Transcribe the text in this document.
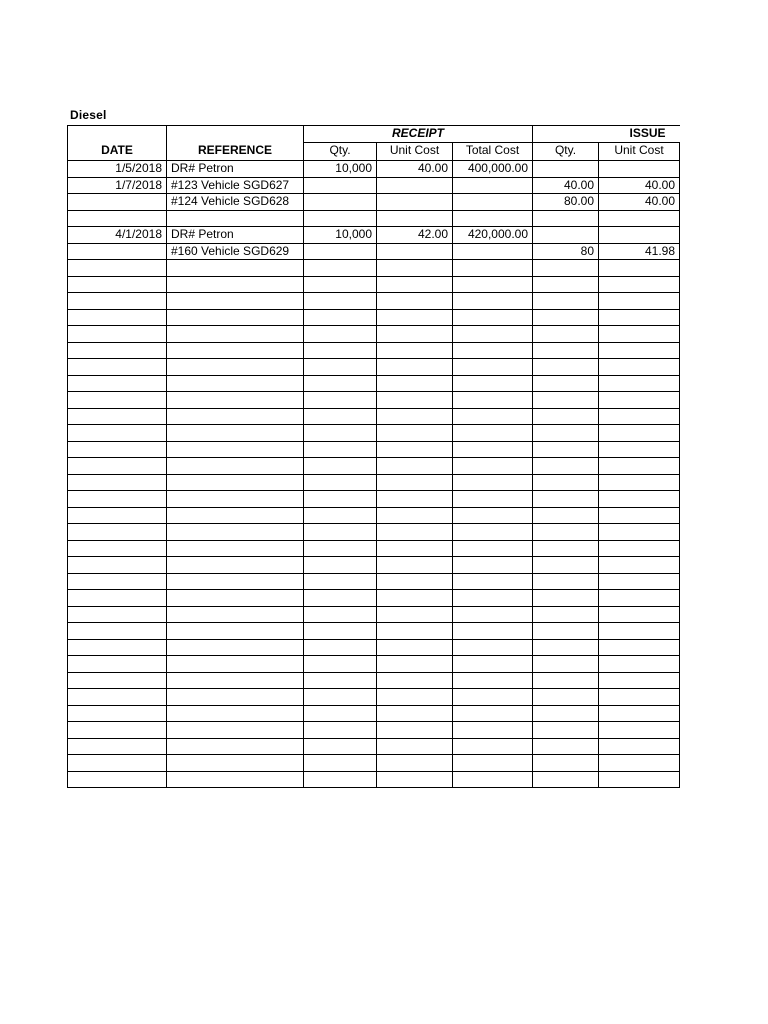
Diesel
DATE	REFERENCE	RECEIPT			ISSUE	
		Qty.	Unit Cost	Total Cost	Qty.	Unit Cost
1/5/2018	DR# Petron	10,000	40.00	400,000.00		
1/7/2018	#123 Vehicle SGD627				40.00	40.00
	#124 Vehicle SGD628				80.00	40.00

4/1/2018	DR# Petron	10,000	42.00	420,000.00		
	#160 Vehicle SGD629				80	41.98
